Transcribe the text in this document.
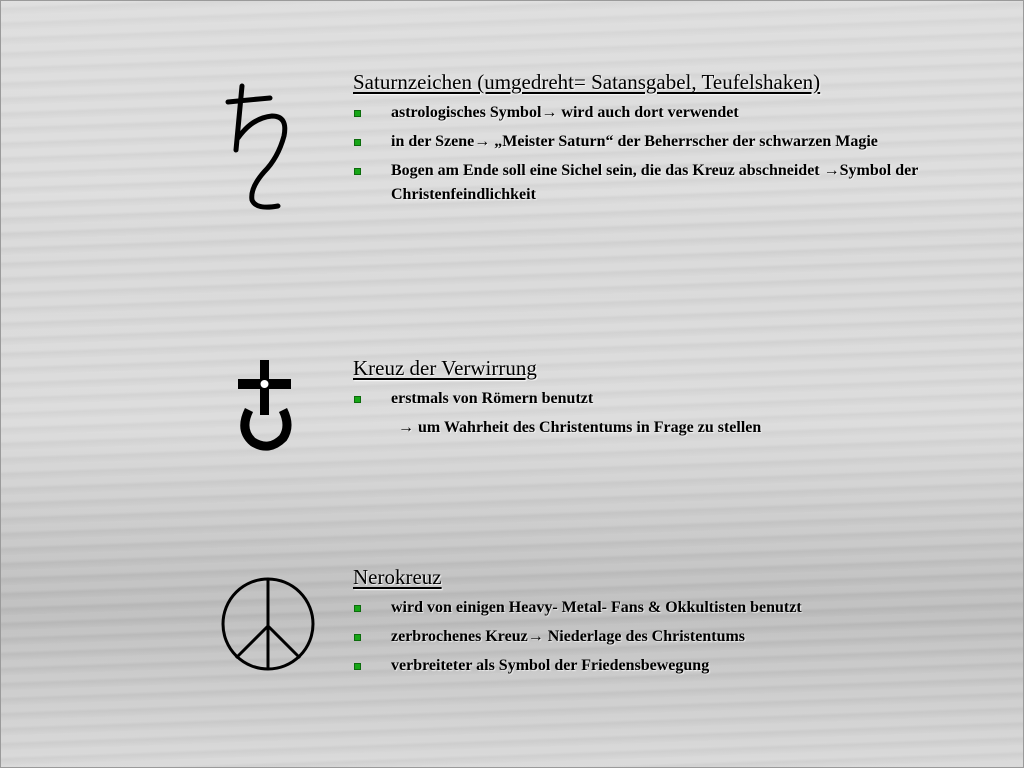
Saturnzeichen (umgedreht= Satansgabel, Teufelshaken)
astrologisches Symbol→ wird auch dort verwendet
in der Szene→ „Meister Saturn“ der Beherrscher der schwarzen Magie
Bogen am Ende soll eine Sichel sein, die das Kreuz abschneidet →Symbol der Christenfeindlichkeit
Kreuz der Verwirrung
erstmals von Römern benutzt
→ um Wahrheit des Christentums in Frage zu stellen
Nerokreuz
wird von einigen Heavy- Metal- Fans & Okkultisten benutzt
zerbrochenes Kreuz→ Niederlage des Christentums
verbreiteter als Symbol der Friedensbewegung
